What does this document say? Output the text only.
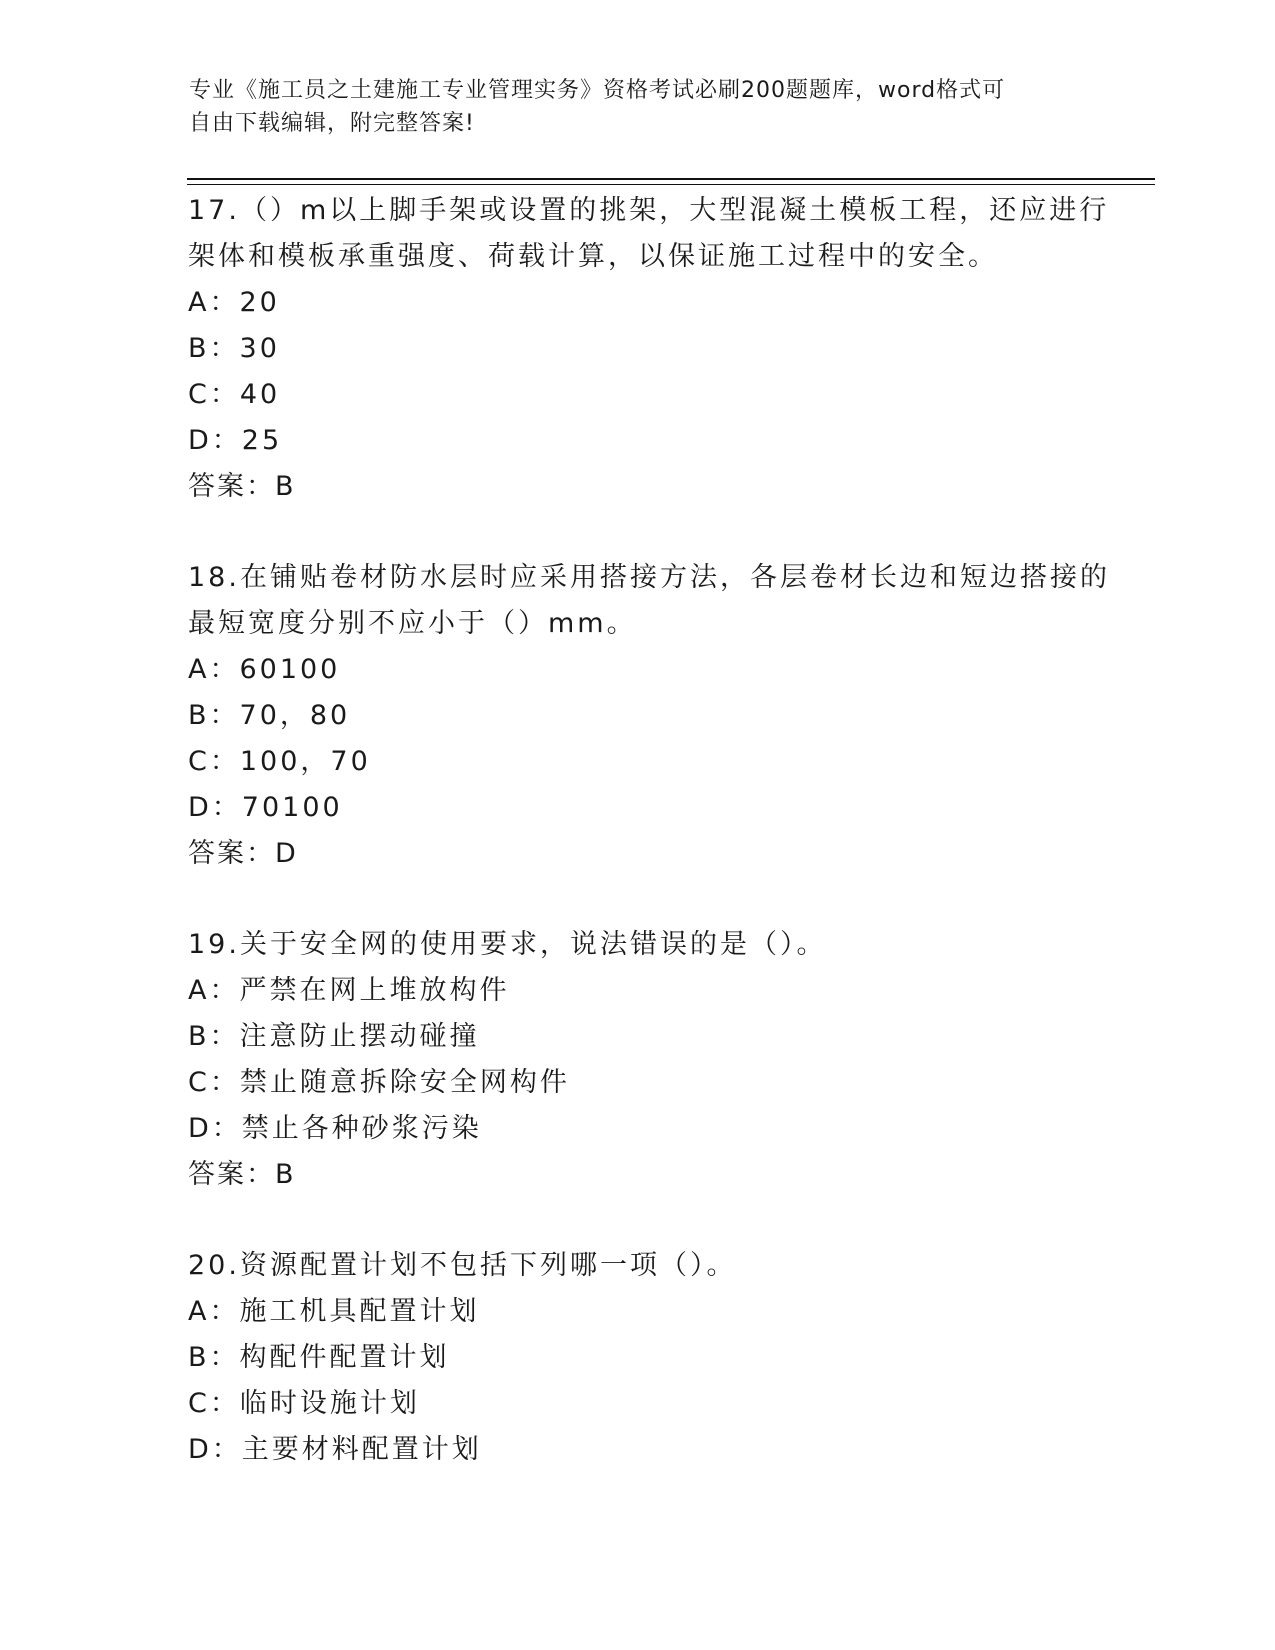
专业《施工员之土建施工专业管理实务》资格考试必刷200题题库，word格式可
自由下载编辑，附完整答案!
17.（）m以上脚手架或设置的挑架，大型混凝土模板工程，还应进行
架体和模板承重强度、荷载计算，以保证施工过程中的安全。
A：20
B：30
C：40
D：25
答案：B
18.在铺贴卷材防水层时应采用搭接方法，各层卷材长边和短边搭接的
最短宽度分别不应小于（）mm。
A：60100
B：70，80
C：100，70
D：70100
答案：D
19.关于安全网的使用要求，说法错误的是（）。
A：严禁在网上堆放构件
B：注意防止摆动碰撞
C：禁止随意拆除安全网构件
D：禁止各种砂浆污染
答案：B
20.资源配置计划不包括下列哪一项（）。
A：施工机具配置计划
B：构配件配置计划
C：临时设施计划
D：主要材料配置计划
